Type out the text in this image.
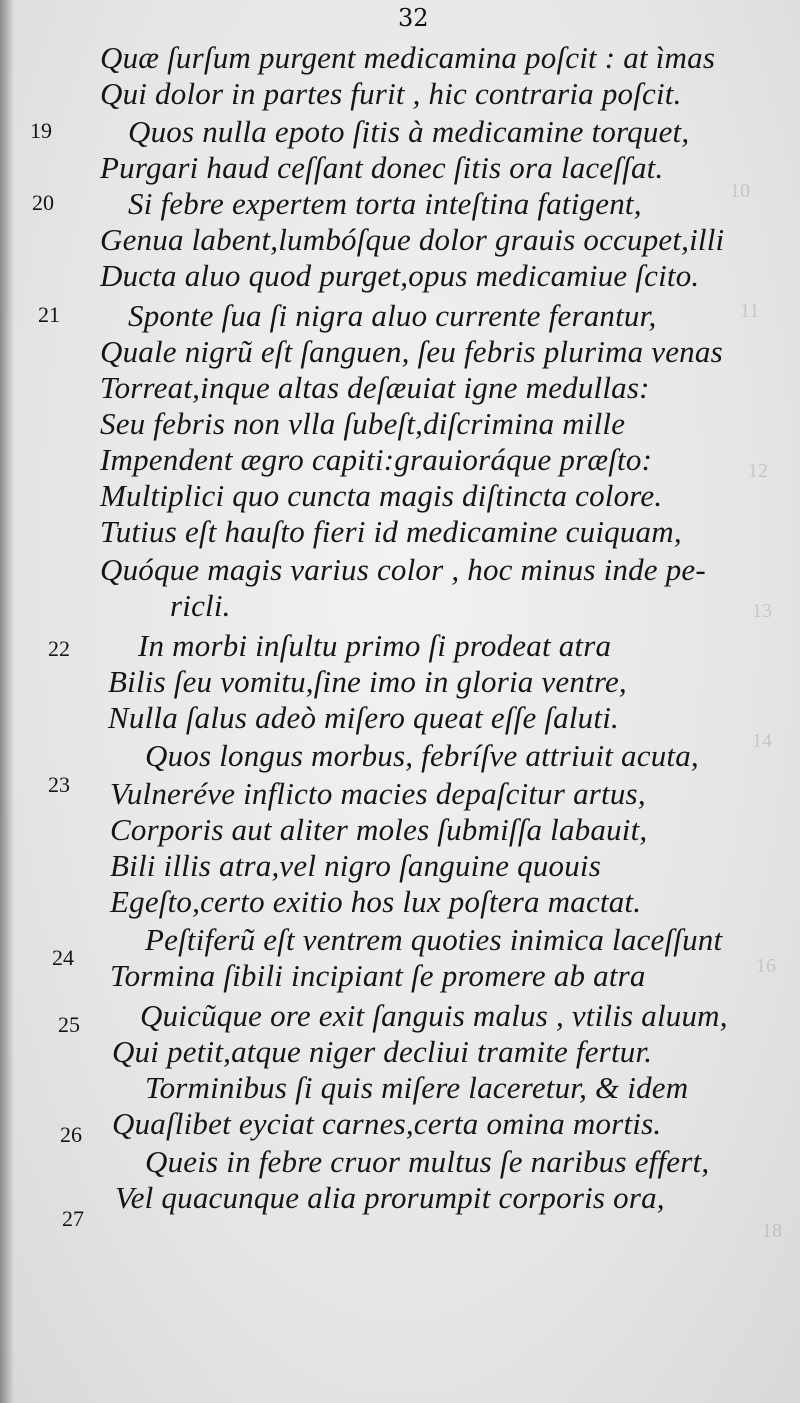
10
11
12
13
14
16
18
32
Quæ ſurſum purgent medicamina poſcit : at ìmas
Qui dolor in partes furit , hic contraria poſcit.
Quos nulla epoto ſitis à medicamine torquet,
Purgari haud ceſſant donec ſitis ora laceſſat.
Si febre expertem torta inteſtina fatigent,
Genua labent,lumbóſque dolor grauis occupet,illi
Ducta aluo quod purget,opus medicamiue ſcito.
Sponte ſua ſi nigra aluo currente ferantur,
Quale nigrũ eſt ſanguen, ſeu febris plurima venas
Torreat,inque altas deſæuiat igne medullas:
Seu febris non vlla ſubeſt,diſcrimina mille
Impendent ægro capiti:grauioráque præſto:
Multiplici quo cuncta magis diſtincta colore.
Tutius eſt hauſto fieri id medicamine cuiquam,
Quóque magis varius color , hoc minus inde pe-
ricli.
In morbi inſultu primo ſi prodeat atra
Bilis ſeu vomitu,ſine imo in gloria ventre,
Nulla ſalus adeò miſero queat eſſe ſaluti.
Quos longus morbus, febríſve attriuit acuta,
Vulneréve inflicto macies depaſcitur artus,
Corporis aut aliter moles ſubmiſſa labauit,
Bili illis atra,vel nigro ſanguine quouis
Egeſto,certo exitio hos lux poſtera mactat.
Peſtiferũ eſt ventrem quoties inimica laceſſunt
Tormina ſibili incipiant ſe promere ab atra
Quicũque ore exit ſanguis malus , vtilis aluum,
Qui petit,atque niger decliui tramite fertur.
Torminibus ſi quis miſere laceretur, & idem
Quaſlibet eyciat carnes,certa omina mortis.
Queis in febre cruor multus ſe naribus effert,
Vel quacunque alia prorumpit corporis ora,
19
20
21
22
23
24
25
26
27
